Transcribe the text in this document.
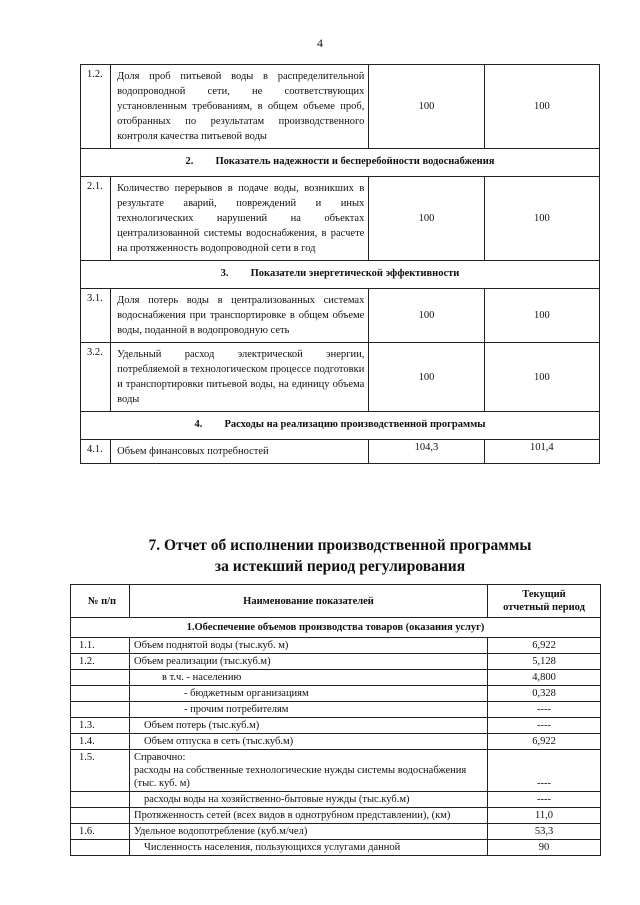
4
1.2.	Доля проб питьевой воды в распределительной водопроводной сети, не соответствующих установленным требованиям, в общем объеме проб, отобранных по результатам производственного контроля качества питьевой воды	100	100
2. Показатель надежности и бесперебойности водоснабжения			
2.1.	Количество перерывов в подаче воды, возникших в результате аварий, повреждений и иных технологических нарушений на объектах централизованной системы водоснабжения, в расчете на протяженность водопроводной сети в год	100	100
3. Показатели энергетической эффективности			
3.1.	Доля потерь воды в централизованных системах водоснабжения при транспортировке в общем объеме воды, поданной в водопроводную сеть	100	100
3.2.	Удельный расход электрической энергии, потребляемой в технологическом процессе подготовки и транспортировки питьевой воды, на единицу объема воды	100	100
4. Расходы на реализацию производственной программы			
4.1.	Объем финансовых потребностей	104,3	101,4
7. Отчет об исполнении производственной программы
за истекший период регулирования
№ п/п	Наименование показателей	Текущий
отчетный период

1.Обеспечение объемов производства товаров (оказания услуг)		
1.1.	Объем поднятой воды (тыс.куб. м)	6,922
1.2.	Объем реализации (тыс.куб.м)	5,128

	в т.ч. - населению	4,800

	- бюджетным организациям	0,328

	- прочим потребителям	----
1.3.	Объем потерь (тыс.куб.м)	----
1.4.	Объем отпуска в сеть (тыс.куб.м)	6,922
1.5.	Справочно:
расходы на собственные технологические нужды системы водоснабжения (тыс. куб. м)	----
	расходы воды на хозяйственно-бытовые нужды (тыс.куб.м)	----
	Протяженность сетей (всех видов в однотрубном представлении), (км)	11,0
1.6.	Удельное водопотребление (куб.м/чел)	53,3
	Численность населения, пользующихся услугами данной	90
